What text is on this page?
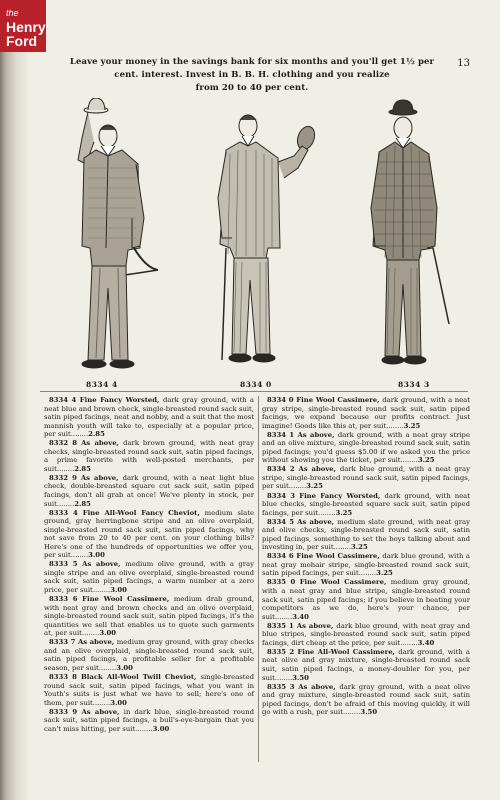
the
Henry
Ford
Leave your money in the savings bank for six months and you'll get 1½ per
cent. interest. Invest in B. B. H. clothing and you realize
from 20 to 40 per cent.
13
8334 4	8334 0	8334 3
8334 4 Fine Fancy Worsted, dark gray ground, with a neat blue and brown check, single-breasted round sack suit, satin piped facings, neat and nobby, and a suit that the most mannish youth will take to, especially at a popular price, per suit........2.85
8332 8 As above, dark brown ground, with neat gray checks, single-breasted round sack suit, satin piped facings, a prime favorite with well-posted merchants, per suit........2.85
8332 9 As above, dark ground, with a neat light blue check, double-breasted square cut sack suit, satin piped facings, don't all grab at once! We've plenty in stock, per suit........2.85
8333 4 Fine All-Wool Fancy Cheviot, medium slate ground, gray herringbone stripe and an olive overplaid, single-breasted round sack suit, satin piped facings, why not save from 20 to 40 per cent. on your clothing bills? Here's one of the hundreds of opportunities we offer you, per suit........3.00
8333 5 As above, medium olive ground, with a gray single stripe and an olive overplaid, single-breasted round sack suit, satin piped facings, a warm number at a zero price, per suit........3.00
8333 6 Fine Wool Cassimere, medium drab ground, with neat gray and brown checks and an olive overplaid, single-breasted round sack suit, satin piped facings, it's the quantities we sell that enables us to quote such garments at, per suit........3.00
8333 7 As above, medium gray ground, with gray checks and an olive overplaid, single-breasted round sack suit, satin piped facings, a profitable seller for a profitable season, per suit........3.00
8333 8 Black All-Wool Twill Cheviot, single-breasted round sack suit, satin piped facings, what you want in Youth's suits is just what we have to sell; here's one of them, per suit........3.00
8333 9 As above, in dark blue, single-breasted round sack suit, satin piped facings, a bull's-eye-bargain that you can't miss hitting, per suit........3.00
8334 0 Fine Wool Cassimere, dark ground, with a neat gray stripe, single-breasted round sack suit, satin piped facings, we expand because our profits contract. Just imagine! Goods like this at, per suit........3.25
8334 1 As above, dark ground, with a neat gray stripe and an olive mixture, single-breasted round sack suit, satin piped facings; you'd guess $5.00 if we asked you the price without showing you the ticket, per suit........3.25
8334 2 As above, dark blue ground, with a neat gray stripe, single-breasted round sack suit, satin piped facings, per suit........3.25
8334 3 Fine Fancy Worsted, dark ground, with neat blue checks, single-breasted square sack suit, satin piped facings, per suit........3.25
8334 5 As above, medium slate ground, with neat gray and olive checks, single-breasted round sack suit, satin piped facings, something to set the boys talking about and investing in, per suit........3.25
8334 6 Fine Wool Cassimere, dark blue ground, with a neat gray mohair stripe, single-breasted round sack suit, satin piped facings, per suit........3.25
8335 0 Fine Wool Cassimere, medium gray ground, with a neat gray and blue stripe, single-breasted round sack suit, satin piped facings; if you believe in beating your competitors as we do, here's your chance, per suit........3.40
8335 1 As above, dark blue ground, with neat gray and blue stripes, single-breasted round sack suit, satin piped facings, dirt cheap at the price, per suit........3.40
8335 2 Fine All-Wool Cassimere, dark ground, with a neat olive and gray mixture, single-breasted round sack suit, satin piped facings, a money-doubler for you, per suit........3.50
8335 3 As above, dark gray ground, with a neat olive and gray mixture, single-breasted round sack suit, satin piped facings, don't be afraid of this moving quickly, it will go with a rush, per suit........3.50
